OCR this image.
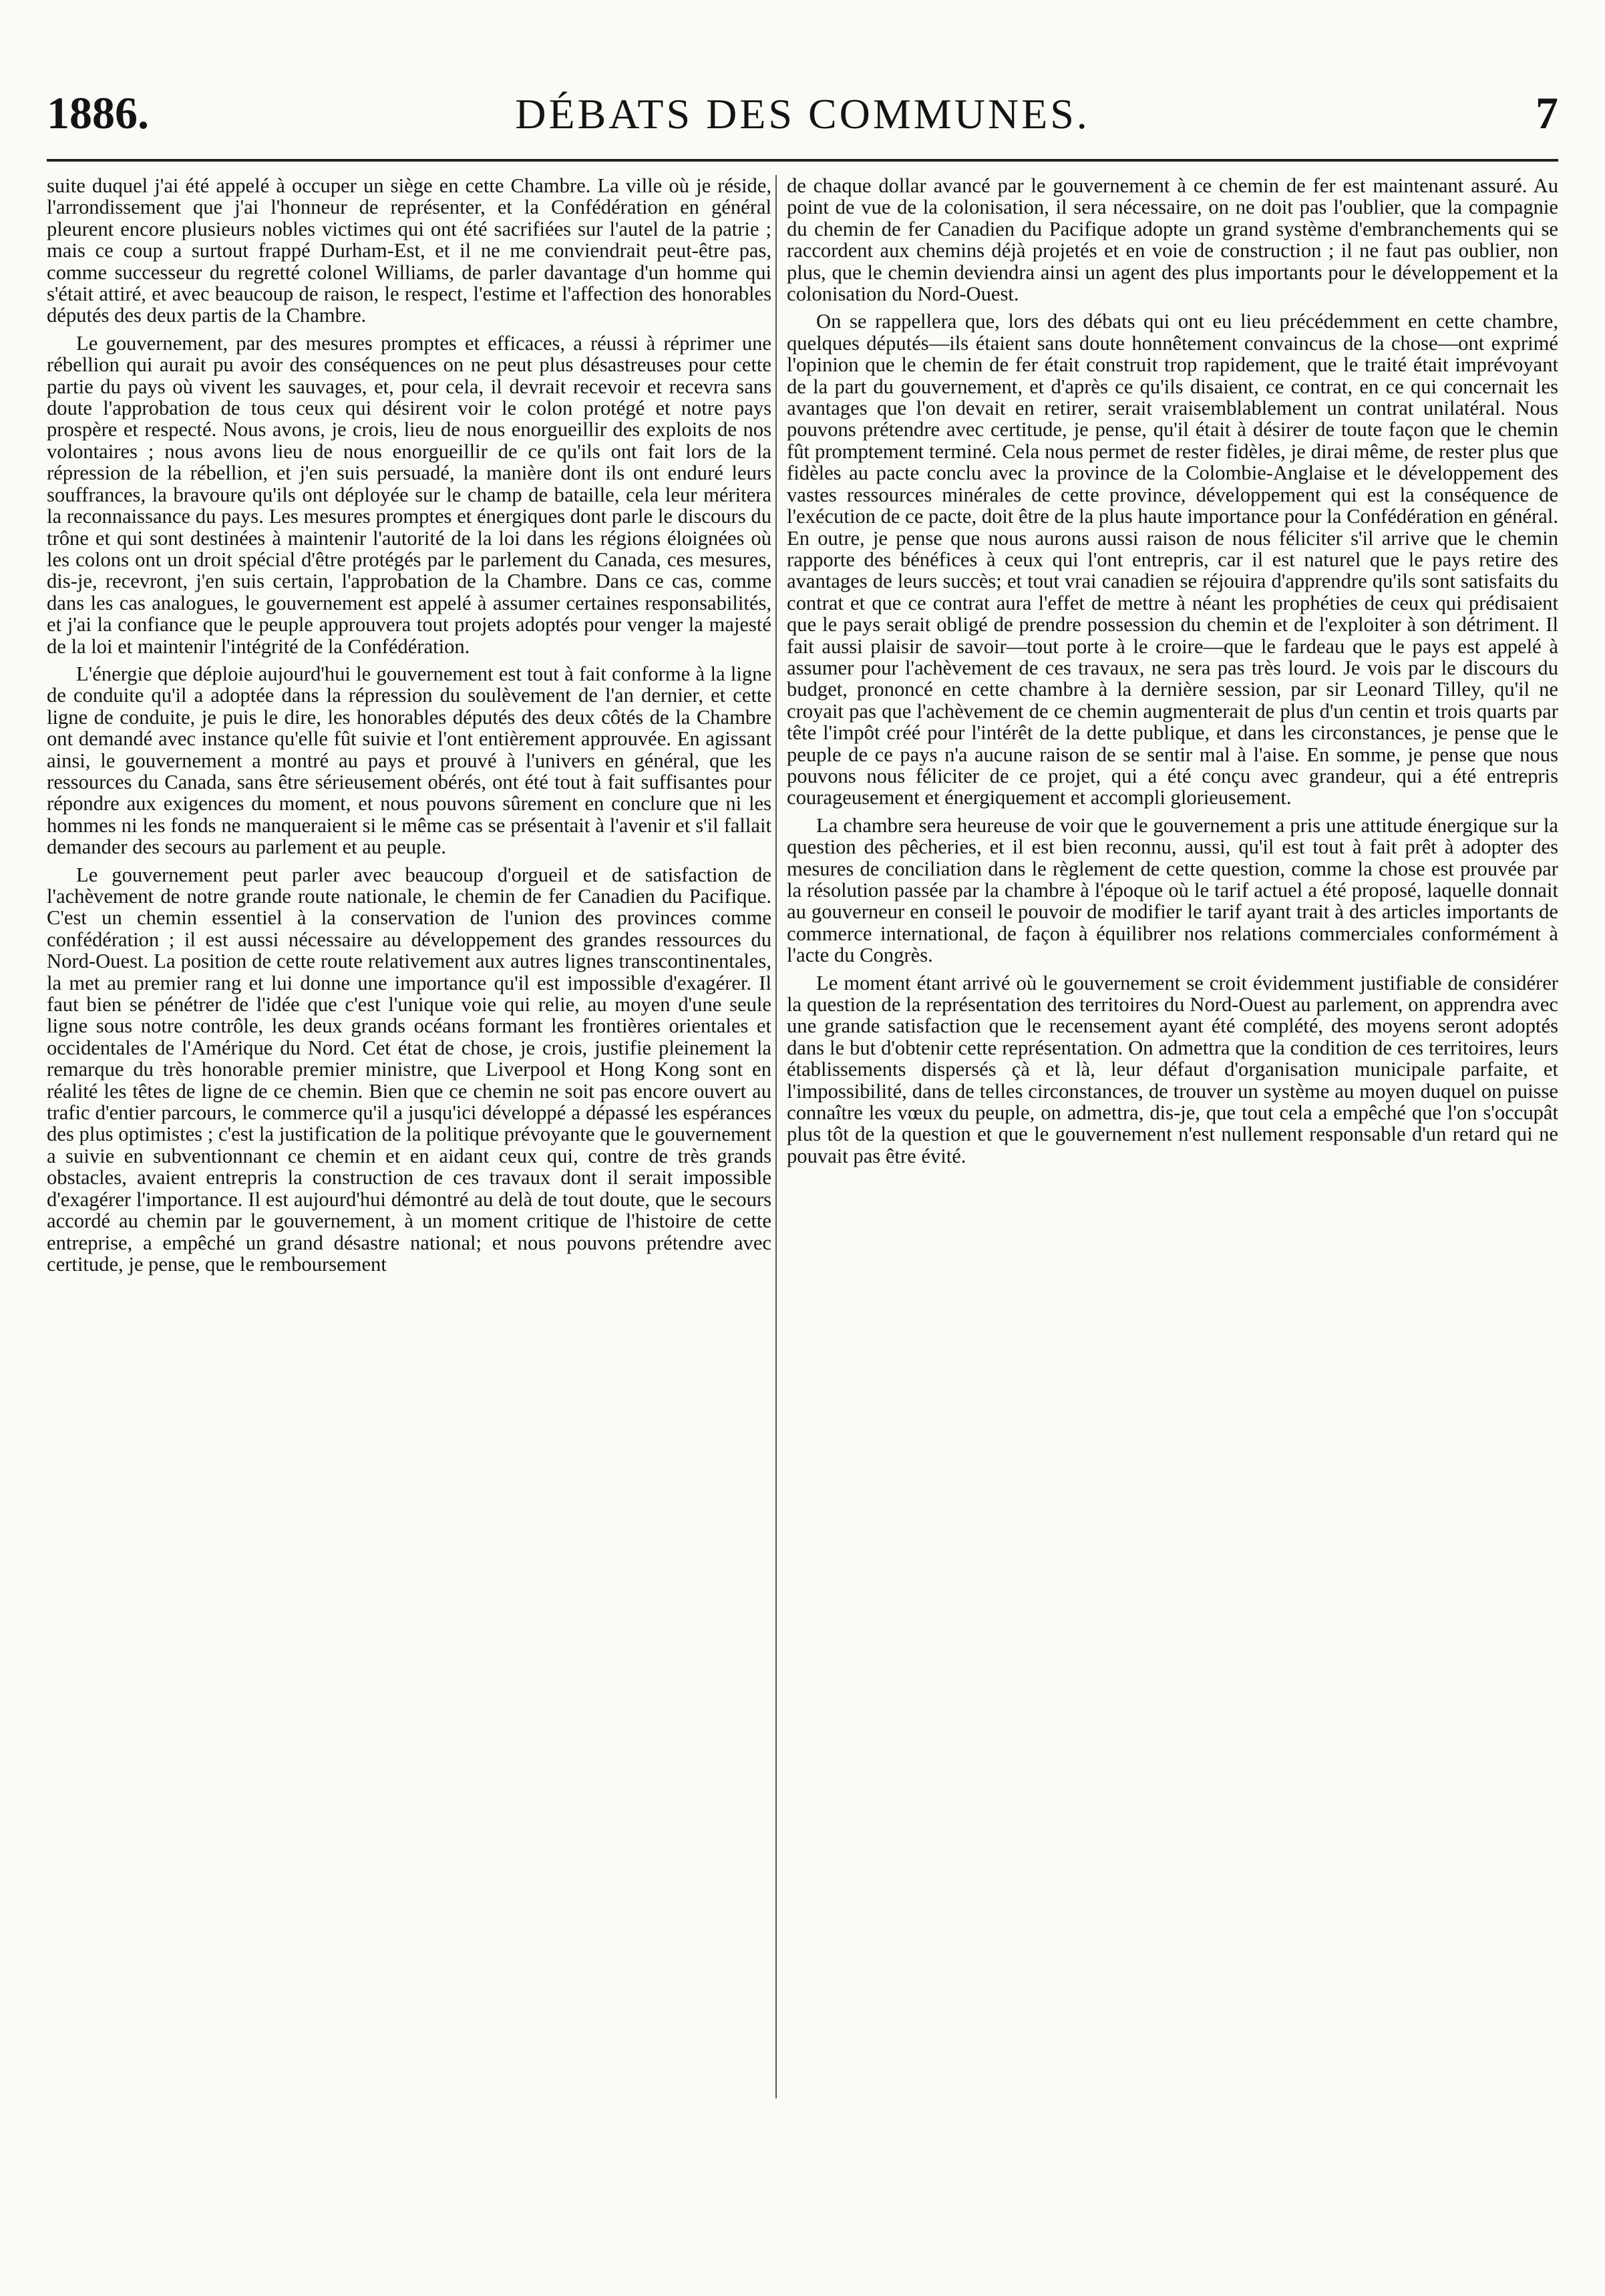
1886.	DÉBATS DES COMMUNES.	7

suite duquel j'ai été appelé à occuper un siège en cette Chambre. La ville où je réside, l'arrondissement que j'ai l'honneur de représenter, et la Confédération en général pleurent encore plusieurs nobles victimes qui ont été sacrifiées sur l'autel de la patrie ; mais ce coup a surtout frappé Durham-Est, et il ne me conviendrait peut-être pas, comme successeur du regretté colonel Williams, de parler davantage d'un homme qui s'était attiré, et avec beaucoup de raison, le respect, l'estime et l'affection des honorables députés des deux partis de la Chambre.

Le gouvernement, par des mesures promptes et efficaces, a réussi à réprimer une rébellion qui aurait pu avoir des conséquences on ne peut plus désastreuses pour cette partie du pays où vivent les sauvages, et, pour cela, il devrait recevoir et recevra sans doute l'approbation de tous ceux qui désirent voir le colon protégé et notre pays prospère et respecté. Nous avons, je crois, lieu de nous enorgueillir des exploits de nos volontaires ; nous avons lieu de nous enorgueillir de ce qu'ils ont fait lors de la répression de la rébellion, et j'en suis persuadé, la manière dont ils ont enduré leurs souffrances, la bravoure qu'ils ont déployée sur le champ de bataille, cela leur méritera la reconnaissance du pays. Les mesures promptes et énergiques dont parle le discours du trône et qui sont destinées à maintenir l'autorité de la loi dans les régions éloignées où les colons ont un droit spécial d'être protégés par le parlement du Canada, ces mesures, dis-je, recevront, j'en suis certain, l'approbation de la Chambre. Dans ce cas, comme dans les cas analogues, le gouvernement est appelé à assumer certaines responsabilités, et j'ai la confiance que le peuple approuvera tout projets adoptés pour venger la majesté de la loi et maintenir l'intégrité de la Confédération.

L'énergie que déploie aujourd'hui le gouvernement est tout à fait conforme à la ligne de conduite qu'il a adoptée dans la répression du soulèvement de l'an dernier, et cette ligne de conduite, je puis le dire, les honorables députés des deux côtés de la Chambre ont demandé avec instance qu'elle fût suivie et l'ont entièrement approuvée. En agissant ainsi, le gouvernement a montré au pays et prouvé à l'univers en général, que les ressources du Canada, sans être sérieusement obérés, ont été tout à fait suffisantes pour répondre aux exigences du moment, et nous pouvons sûrement en conclure que ni les hommes ni les fonds ne manqueraient si le même cas se présentait à l'avenir et s'il fallait demander des secours au parlement et au peuple.

Le gouvernement peut parler avec beaucoup d'orgueil et de satisfaction de l'achèvement de notre grande route nationale, le chemin de fer Canadien du Pacifique. C'est un chemin essentiel à la conservation de l'union des provinces comme confédération ; il est aussi nécessaire au développement des grandes ressources du Nord-Ouest. La position de cette route relativement aux autres lignes transcontinentales, la met au premier rang et lui donne une importance qu'il est impossible d'exagérer. Il faut bien se pénétrer de l'idée que c'est l'unique voie qui relie, au moyen d'une seule ligne sous notre contrôle, les deux grands océans formant les frontières orientales et occidentales de l'Amérique du Nord. Cet état de chose, je crois, justifie pleinement la remarque du très honorable premier ministre, que Liverpool et Hong Kong sont en réalité les têtes de ligne de ce chemin. Bien que ce chemin ne soit pas encore ouvert au trafic d'entier parcours, le commerce qu'il a jusqu'ici développé a dépassé les espérances des plus optimistes ; c'est la justification de la politique prévoyante que le gouvernement a suivie en subventionnant ce chemin et en aidant ceux qui, contre de très grands obstacles, avaient entrepris la construction de ces travaux dont il serait impossible d'exagérer l'importance. Il est aujourd'hui démontré au delà de tout doute, que le secours accordé au chemin par le gouvernement, à un moment critique de l'histoire de cette entreprise, a empêché un grand désastre national; et nous pouvons prétendre avec certitude, je pense, que le remboursement

de chaque dollar avancé par le gouvernement à ce chemin de fer est maintenant assuré. Au point de vue de la colonisation, il sera nécessaire, on ne doit pas l'oublier, que la compagnie du chemin de fer Canadien du Pacifique adopte un grand système d'embranchements qui se raccordent aux chemins déjà projetés et en voie de construction ; il ne faut pas oublier, non plus, que le chemin deviendra ainsi un agent des plus importants pour le développement et la colonisation du Nord-Ouest.

On se rappellera que, lors des débats qui ont eu lieu précédemment en cette chambre, quelques députés—ils étaient sans doute honnêtement convaincus de la chose—ont exprimé l'opinion que le chemin de fer était construit trop rapidement, que le traité était imprévoyant de la part du gouvernement, et d'après ce qu'ils disaient, ce contrat, en ce qui concernait les avantages que l'on devait en retirer, serait vraisemblablement un contrat unilatéral. Nous pouvons prétendre avec certitude, je pense, qu'il était à désirer de toute façon que le chemin fût promptement terminé. Cela nous permet de rester fidèles, je dirai même, de rester plus que fidèles au pacte conclu avec la province de la Colombie-Anglaise et le développement des vastes ressources minérales de cette province, développement qui est la conséquence de l'exécution de ce pacte, doit être de la plus haute importance pour la Confédération en général. En outre, je pense que nous aurons aussi raison de nous féliciter s'il arrive que le chemin rapporte des bénéfices à ceux qui l'ont entrepris, car il est naturel que le pays retire des avantages de leurs succès; et tout vrai canadien se réjouira d'apprendre qu'ils sont satisfaits du contrat et que ce contrat aura l'effet de mettre à néant les prophéties de ceux qui prédisaient que le pays serait obligé de prendre possession du chemin et de l'exploiter à son détriment. Il fait aussi plaisir de savoir—tout porte à le croire—que le fardeau que le pays est appelé à assumer pour l'achèvement de ces travaux, ne sera pas très lourd. Je vois par le discours du budget, prononcé en cette chambre à la dernière session, par sir Leonard Tilley, qu'il ne croyait pas que l'achèvement de ce chemin augmenterait de plus d'un centin et trois quarts par tête l'impôt créé pour l'intérêt de la dette publique, et dans les circonstances, je pense que le peuple de ce pays n'a aucune raison de se sentir mal à l'aise. En somme, je pense que nous pouvons nous féliciter de ce projet, qui a été conçu avec grandeur, qui a été entrepris courageusement et énergiquement et accompli glorieusement.

La chambre sera heureuse de voir que le gouvernement a pris une attitude énergique sur la question des pêcheries, et il est bien reconnu, aussi, qu'il est tout à fait prêt à adopter des mesures de conciliation dans le règlement de cette question, comme la chose est prouvée par la résolution passée par la chambre à l'époque où le tarif actuel a été proposé, laquelle donnait au gouverneur en conseil le pouvoir de modifier le tarif ayant trait à des articles importants de commerce international, de façon à équilibrer nos relations commerciales conformément à l'acte du Congrès.

Le moment étant arrivé où le gouvernement se croit évidemment justifiable de considérer la question de la représentation des territoires du Nord-Ouest au parlement, on apprendra avec une grande satisfaction que le recensement ayant été complété, des moyens seront adoptés dans le but d'obtenir cette représentation. On admettra que la condition de ces territoires, leurs établissements dispersés çà et là, leur défaut d'organisation municipale parfaite, et l'impossibilité, dans de telles circonstances, de trouver un système au moyen duquel on puisse connaître les vœux du peuple, on admettra, dis-je, que tout cela a empêché que l'on s'occupât plus tôt de la question et que le gouvernement n'est nullement responsable d'un retard qui ne pouvait pas être évité.
